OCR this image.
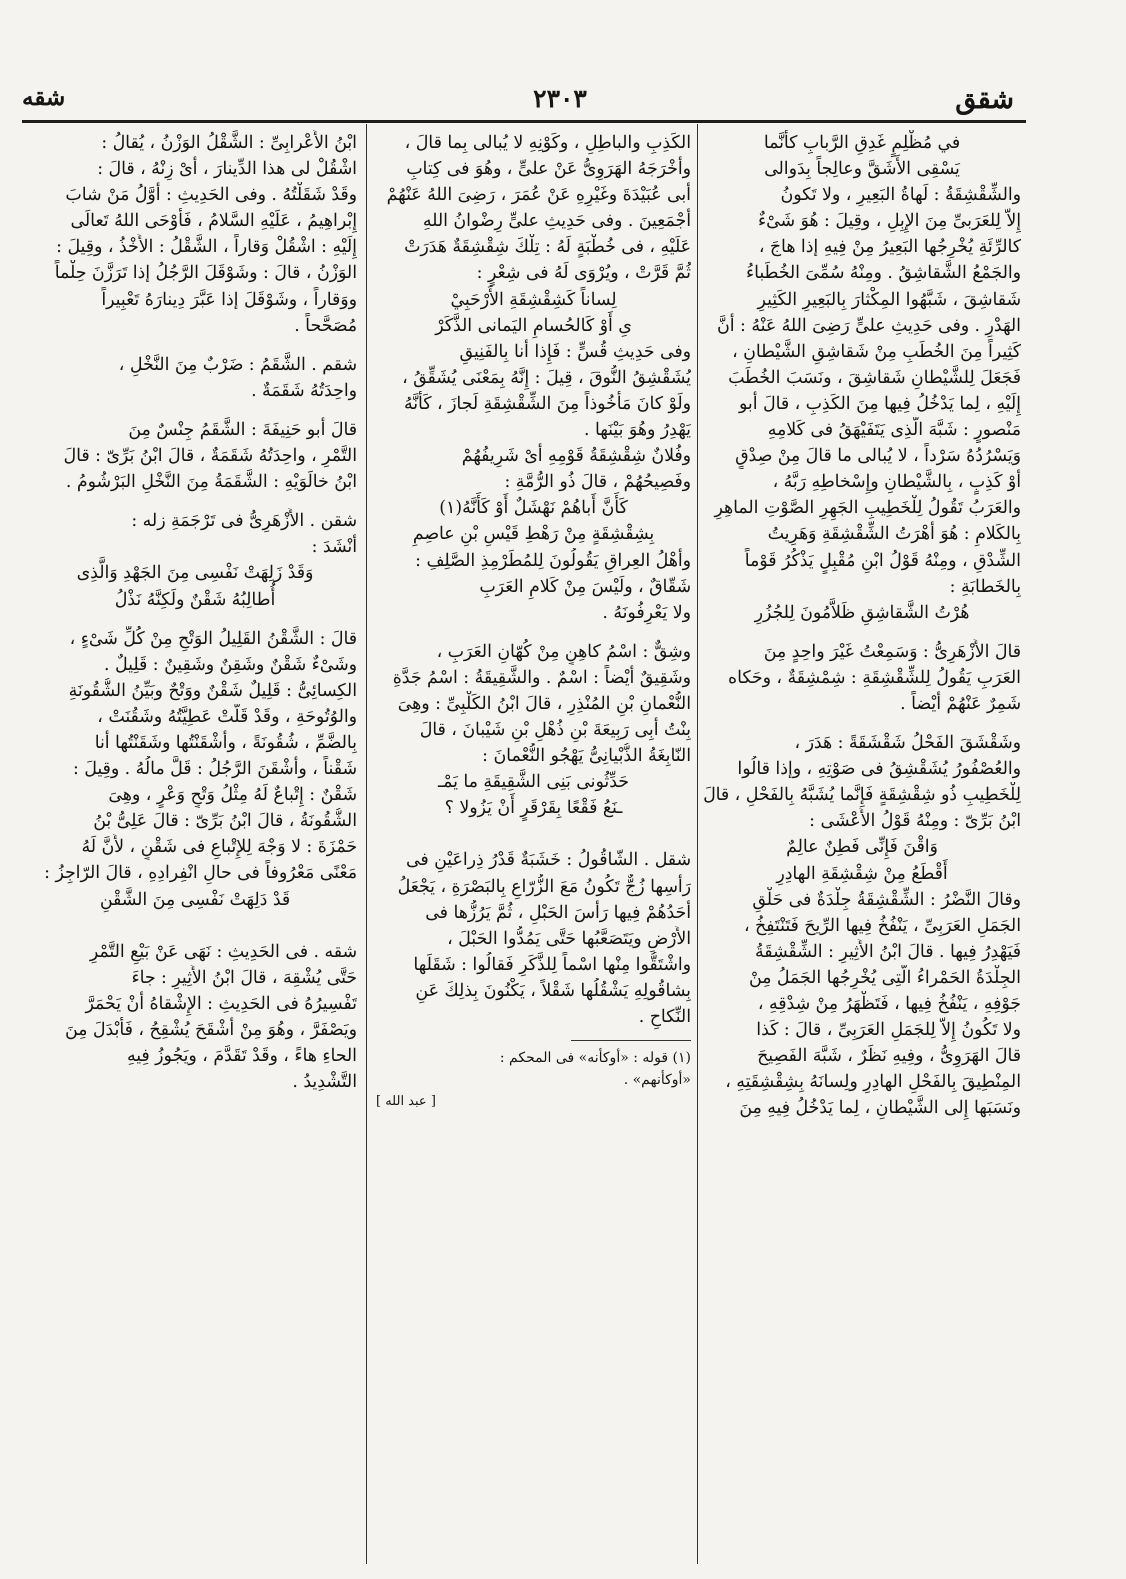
شقق
٢٣٠٣
شقه
في مُظْلِمٍ غَدِقِ الرَّبابِ كأَنَّما
يَسْقِى الأَشَقَّ وعالِجاً بِدَوالى
والشِّقْشِقَةُ : لَهاةُ البَعِيرِ ، ولا تَكونُ
إِلاَّ لِلعَرَبىِّ مِنَ الإِبِلِ ، وقِيلَ : هُوَ شَىْءٌ
كالرِّئَةِ يُخْرِجُها البَعِيرُ مِنْ فِيهِ إذا هاجَ ،
والجَمْعُ الشَّقاشِقُ . ومِنْهُ سُمِّىَ الخُطَباءُ
شَقاشِقَ ، شَبَّهُوا المِكْثارَ بِالبَعِيرِ الكَثِيرِ
الهَدْرِ . وفى حَدِيثِ علىٍّ رَضِىَ اللهُ عَنْهُ : أَنَّ
كَثِيراً مِنَ الخُطَبِ مِنْ شَقاشِقِ الشَّيْطانِ ،
فَجَعَلَ لِلشَّيْطانِ شَقاشِقَ ، ونَسَبَ الخُطَبَ
إِلَيْهِ ، لِما يَدْخُلُ فِيها مِنَ الكَذِبِ ، قالَ أَبو
مَنْصورٍ : شَبَّهَ الَّذِى يَتَفَيْهَقُ فى كَلامِهِ
وَيَسْرُدُهُ سَرْداً ، لا يُبالى ما قالَ مِنْ صِدْقٍ
أَوْ كَذِبٍ ، بِالشَّيْطانِ وإِسْخاطِهِ رَبَّهُ ،
والعَرَبُ تَقُولُ لِلْخَطِيبِ الجَهِرِ الصَّوْتِ الماهِرِ
بِالكَلامِ : هُوَ أَهْرَتُ الشِّقْشِقَةِ وَهَرِيتُ
الشِّدْقِ ، ومِنْهُ قَوْلُ ابْنِ مُقْبِلٍ يَذْكُرُ قَوْماً
بِالخَطابَةِ :
هُرْتُ الشَّقاشِقِ ظَلاَّمُونَ لِلجُزُرِ
قالَ الأَزْهَرِىُّ : وَسَمِعْتُ غَيْرَ واحِدٍ مِنَ
العَرَبِ يَقُولُ لِلشِّقْشِقَةِ : شِمْشِقَةٌ ، وحَكاه
شَمِرٌ عَنْهُمْ أَيْضاً .
وشَقْشَقَ الفَحْلُ شَقْشَقَةً : هَدَرَ ،
والعُصْفُورُ يُشَقْشِقُ فى صَوْتِهِ ، وإذا قالُوا
لِلْخَطِيبِ ذُو شِقْشِقَةٍ فَإِنَّما يُشَبَّهُ بِالفَحْلِ ، قالَ
ابْنُ بَرِّىّ : ومِنْهُ قَوْلُ الأَعْشَى :
وَاقْنَ فَإِنِّى فَطِنٌ عالِمٌ
أَقْطَعُ مِنْ شِقْشِقَةِ الهادِرِ
وقالَ النَّضْرُ : الشِّقْشِقَةُ جِلْدَةٌ فى حَلْقِ
الجَمَلِ العَرَبِىِّ ، يَنْفُخُ فِيها الرِّيحَ فَتَنْتَفِخُ ،
فَيَهْدِرُ فِيها . قالَ ابْنُ الأَثِيرِ : الشِّقْشِقَةُ
الجِلْدَةُ الحَمْراءُ الَّتِى يُخْرِجُها الجَمَلُ مِنْ
جَوْفِهِ ، يَنْفُخُ فِيها ، فَتَظْهَرُ مِنْ شِدْقِهِ ،
ولا تَكُونُ إِلاَّ لِلجَمَلِ العَرَبِىِّ ، قالَ : كَذا
قالَ الهَرَوِىُّ ، وفِيهِ نَظَرٌ ، شَبَّهَ الفَصِيحَ
المِنْطِيقَ بِالفَحْلِ الهادِرِ ولِسانَهُ بِشِقْشِقَتِهِ ،
ونَسَبَها إِلى الشَّيْطانِ ، لِما يَدْخُلُ فِيهِ مِنَ
الكَذِبِ والباطِلِ ، وكَوْنِهِ لا يُبالى بِما قالَ ،
وأَخْرَجَهُ الهَرَوِىُّ عَنْ علىٍّ ، وهُوَ فى كِتابِ
أَبى عُبَيْدَةَ وغَيْرِهِ عَنْ عُمَرَ ، رَضِىَ اللهُ عَنْهُمْ
أَجْمَعِينَ . وفى حَدِيثِ علىٍّ رِضْوانُ اللهِ
عَلَيْهِ ، فى خُطْبَةٍ لَهُ : تِلْكَ شِقْشِقَةٌ هَدَرَتْ
ثُمَّ قَرَّتْ ، ويُرْوَى لَهُ فى شِعْرٍ :
لِساناً كَشِقْشِقَةِ الأَرْحَبِيْ
ىِ أَوْ كَالحُسامِ اليَمانى الذَّكَرْ
وفى حَدِيثِ قُسٍّ : فَإِذا أَنا بِالفَنِيقِ
يُشَقْشِقُ النُّوقَ ، قِيلَ : إِنَّهُ بِمَعْنَى يُشَقِّقُ ،
ولَوْ كانَ مَأْخُوذاً مِنَ الشِّقْشِقَةِ لَجازَ ، كَأَنَّهُ
يَهْدِرُ وهُوَ بَيْنَها .
وفُلانٌ شِقْشِقَةُ قَوْمِهِ أَىْ شَرِيفُهُمْ
وفَصِيحُهُمْ ، قالَ ذُو الرُّمَّةِ :
كَأَنَّ أَباهُمْ نَهْشَلٌ أَوْ كَأَنَّهُ(١)
بِشِقْشِقَةٍ مِنْ رَهْطِ قَيْسِ بْنِ عاصِمِ
وأَهْلُ العِراقِ يَقُولُونَ لِلمُطَرْمِذِ الصَّلِفِ :
شَقّاقٌ ، ولَيْسَ مِنْ كَلامِ العَرَبِ
ولا يَعْرِفُونَهُ .
وشِقٌّ : اسْمُ كاهِنٍ مِنْ كُهّانِ العَرَبِ ،
وشَقِيقٌ أَيْضاً : اسْمٌ . والشَّقِيقَةُ : اسْمُ جَدَّةِ
النُّعْمانِ بْنِ المُنْذِرِ ، قالَ ابْنُ الكَلْبِىِّ : وهِىَ
بِنْتُ أَبِى رَبِيعَةَ بْنِ ذُهْلِ بْنِ شَيْبانَ ، قالَ
النّابِغَةُ الذُّبْيانِىُّ يَهْجُو النُّعْمانَ :
حَدِّثُونى بَنِى الشَّقِيقَةِ ما يَمْـ
ـنَعُ فَقْعًا بِقَرْقَرٍ أَنْ يَزُولا ؟
شقل . الشّاقُولُ : خَشَبَةٌ قَدْرُ ذِراعَيْنِ فى
رَأْسِها زُجٌّ تَكُونُ مَعَ الزُّرّاعِ بِالبَصْرَةِ ، يَجْعَلُ
أَحَدُهُمْ فِيها رَأْسَ الحَبْلِ ، ثُمَّ يَرُزُّها فى
الأَرْضِ ويَتَصَعَّبُها حَتَّى يَمُدُّوا الحَبْلَ ،
واشْتَقُّوا مِنْها اسْماً لِلذَّكَرِ فَقالُوا : شَقَلَها
بِشاقُولِهِ يَشْقُلُها شَقْلاً ، يَكْنُونَ بِذلِكَ عَنِ
النِّكاحِ .
(١) قوله : «أوكأنه» فى المحكم :
«أوكأنهم» .
[ عبد الله ]
ابْنُ الأَعْرابِىِّ : الشَّقْلُ الوَزْنُ ، يُقالُ :
اشْقُلْ لى هذا الدِّينارَ ، أَىْ زِنْهُ ، قالَ :
وقَدْ شَقَلْتُهُ . وفى الحَدِيثِ : أَوَّلُ مَنْ شابَ
إِبْراهِيمُ ، عَلَيْهِ السَّلامُ ، فَأَوْحَى اللهُ تَعالَى
إِلَيْهِ : اشْقُلْ وَقاراً ، الشَّقْلُ : الأَخْذُ ، وقِيلَ :
الوَزْنُ ، قالَ : وشَوْقَلَ الرَّجُلُ إذا تَرَزَّنَ حِلْماً
ووَقاراً ، وشَوْقَلَ إذا عَبَّرَ دِينارَهُ تَعْبِيراً
مُصَحَّحاً .
شقم . الشَّقَمُ : ضَرْبٌ مِنَ النَّخْلِ ،
واحِدَتُهُ شَقَمَةٌ .
قالَ أَبو حَنِيفَةَ : الشَّقَمُ جِنْسٌ مِنَ
التَّمْرِ ، واحِدَتُهُ شَقَمَةٌ ، قالَ ابْنُ بَرِّىّ : قالَ
ابْنُ خالَوَيْهِ : الشَّقَمَةُ مِنَ النَّخْلِ البَرْشُومُ .
شقن . الأَزْهَرِىُّ فى تَرْجَمَةِ زله :
أَنْشَدَ :
وَقَدْ زَلِهَتْ نَفْسِى مِنَ الجَهْدِ وَالَّذِى
أُطالِبُهُ شَقْنٌ ولَكِنَّهُ نَذْلُ
قالَ : الشَّقْنُ القَلِيلُ الوَتْحِ مِنْ كُلِّ شَىْءٍ ،
وشَىْءٌ شَقْنٌ وشَقِنٌ وشَقِينٌ : قَلِيلٌ .
الكِسائِىُّ : قَلِيلٌ شَقْنٌ ووَتْحٌ وبَيِّنُ الشُّقُونَةِ
والوُتُوحَةِ ، وقَدْ قَلَّتْ عَطِيَّتُهُ وشَقُنَتْ ،
بِالضَّمِّ ، شُقُونَةً ، وأَشْقَنْتُها وشَقَنْتُها أَنا
شَقْناً ، وأَشْقَنَ الرَّجُلُ : قَلَّ مالُهُ . وقِيلَ :
شَقْنٌ : إِتْباعٌ لَهُ مِثْلُ وَتْحٍ وَعْرٍ ، وهِىَ
الشُّقُونَةُ ، قالَ ابْنُ بَرِّىّ : قالَ عَلِىُّ بْنُ
حَمْزَةَ : لا وَجْهَ لِلإِتْباعِ فى شَقْنٍ ، لأَنَّ لَهُ
مَعْنًى مَعْرُوفاً فى حالِ انْفِرادِهِ ، قالَ الرّاجِزُ :
قَدْ دَلِهَتْ نَفْسِى مِنَ الشَّقْنِ
شقه . فى الحَدِيثِ : نَهَى عَنْ بَيْعِ التَّمْرِ
حَتَّى يُشْقِهَ ، قالَ ابْنُ الأَثِيرِ : جاءَ
تَفْسِيرُهُ فى الحَدِيثِ : الإِشْقاهُ أَنْ يَحْمَرَّ
ويَصْفَرَّ ، وهُوَ مِنْ أَشْقَحَ يُشْقِحُ ، فَأَبْدَلَ مِنَ
الحاءِ هاءً ، وقَدْ تَقَدَّمَ ، ويَجُوزُ فِيهِ
التَّشْدِيدُ .
